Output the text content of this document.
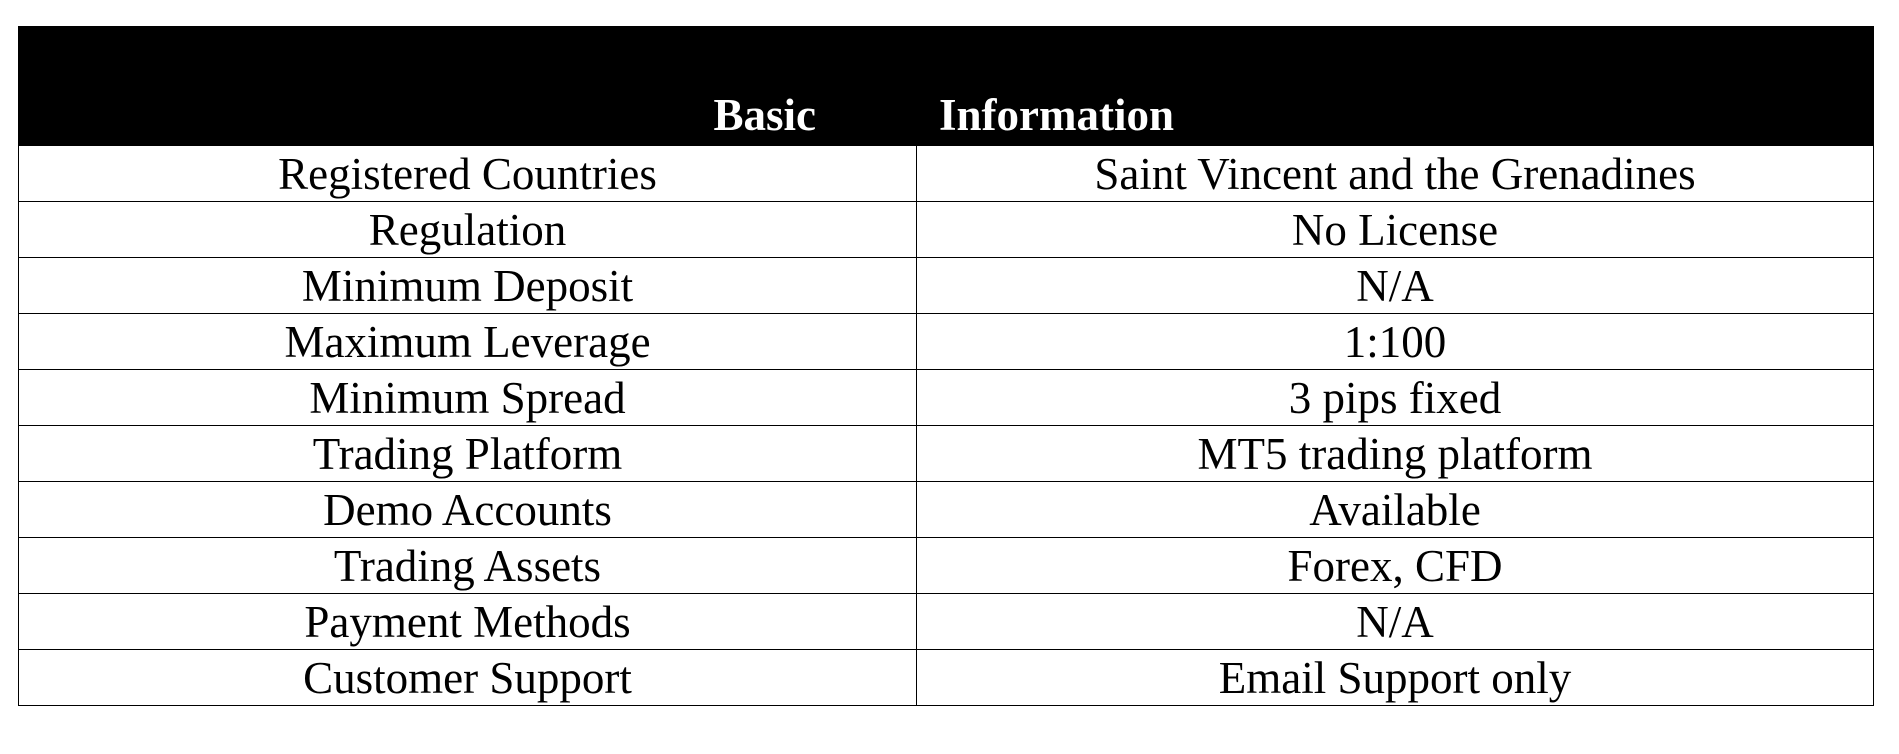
Basic	Information
Registered Countries	Saint Vincent and the Grenadines
Regulation	No License
Minimum Deposit	N/A
Maximum Leverage	1:100
Minimum Spread	3 pips fixed
Trading Platform	MT5 trading platform
Demo Accounts	Available
Trading Assets	Forex, CFD
Payment Methods	N/A
Customer Support	Email Support only
